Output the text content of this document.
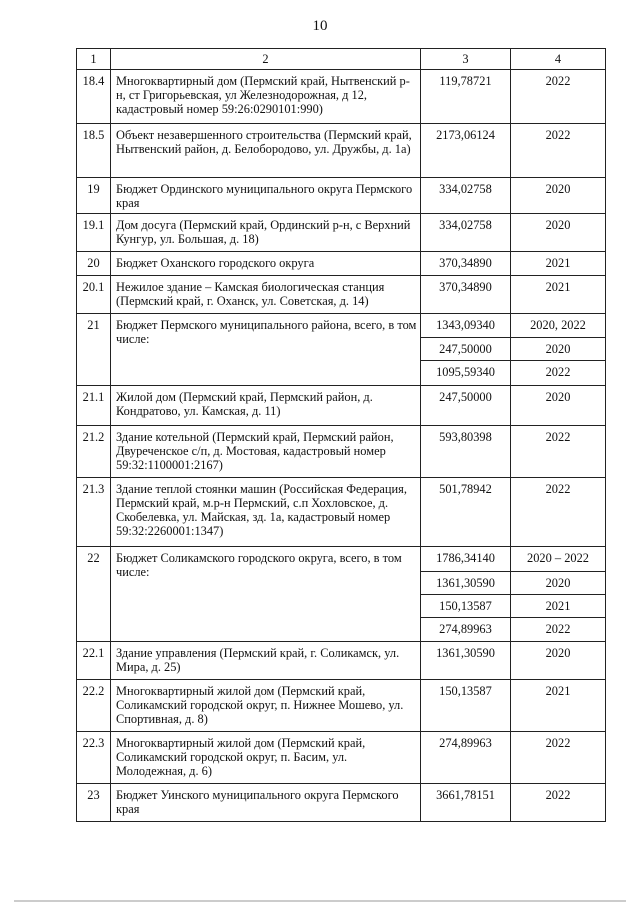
10
1	2	3	4
18.4	Многоквартирный дом (Пермский край, Нытвенский р-н, ст Григорьевская, ул Железнодорожная, д 12, кадастровый номер 59:26:0290101:990)	119,78721	2022
18.5	Объект незавершенного строительства (Пермский край, Нытвенский район, д. Белобородово, ул. Дружбы, д. 1а)	2173,06124	2022
19	Бюджет Ординского муниципального округа Пермского края	334,02758	2020
19.1	Дом досуга (Пермский край, Ординский р-н, с Верхний Кунгур, ул. Большая, д. 18)	334,02758	2020
20	Бюджет Оханского городского округа	370,34890	2021
20.1	Нежилое здание – Камская биологическая станция (Пермский край, г. Оханск, ул. Советская, д. 14)	370,34890	2021
21	Бюджет Пермского муниципального района, всего, в том числе:	1343,09340	2020, 2022
		247,50000	2020
		1095,59340	2022
21.1	Жилой дом (Пермский край, Пермский район, д. Кондратово, ул. Камская, д. 11)	247,50000	2020
21.2	Здание котельной (Пермский край, Пермский район, Двуреченское с/п, д. Мостовая, кадастровый номер 59:32:1100001:2167)	593,80398	2022
21.3	Здание теплой стоянки машин (Российская Федерация, Пермский край, м.р-н Пермский, с.п Хохловское, д. Скобелевка, ул. Майская, зд. 1а, кадастровый номер 59:32:2260001:1347)	501,78942	2022
22	Бюджет Соликамского городского округа, всего, в том числе:	1786,34140	2020 – 2022
		1361,30590	2020
		150,13587	2021
		274,89963	2022
22.1	Здание управления (Пермский край, г. Соликамск, ул. Мира, д. 25)	1361,30590	2020
22.2	Многоквартирный жилой дом (Пермский край, Соликамский городской округ, п. Нижнее Мошево, ул. Спортивная, д. 8)	150,13587	2021
22.3	Многоквартирный жилой дом (Пермский край, Соликамский городской округ, п. Басим, ул. Молодежная, д. 6)	274,89963	2022
23	Бюджет Уинского муниципального округа Пермского края	3661,78151	2022
